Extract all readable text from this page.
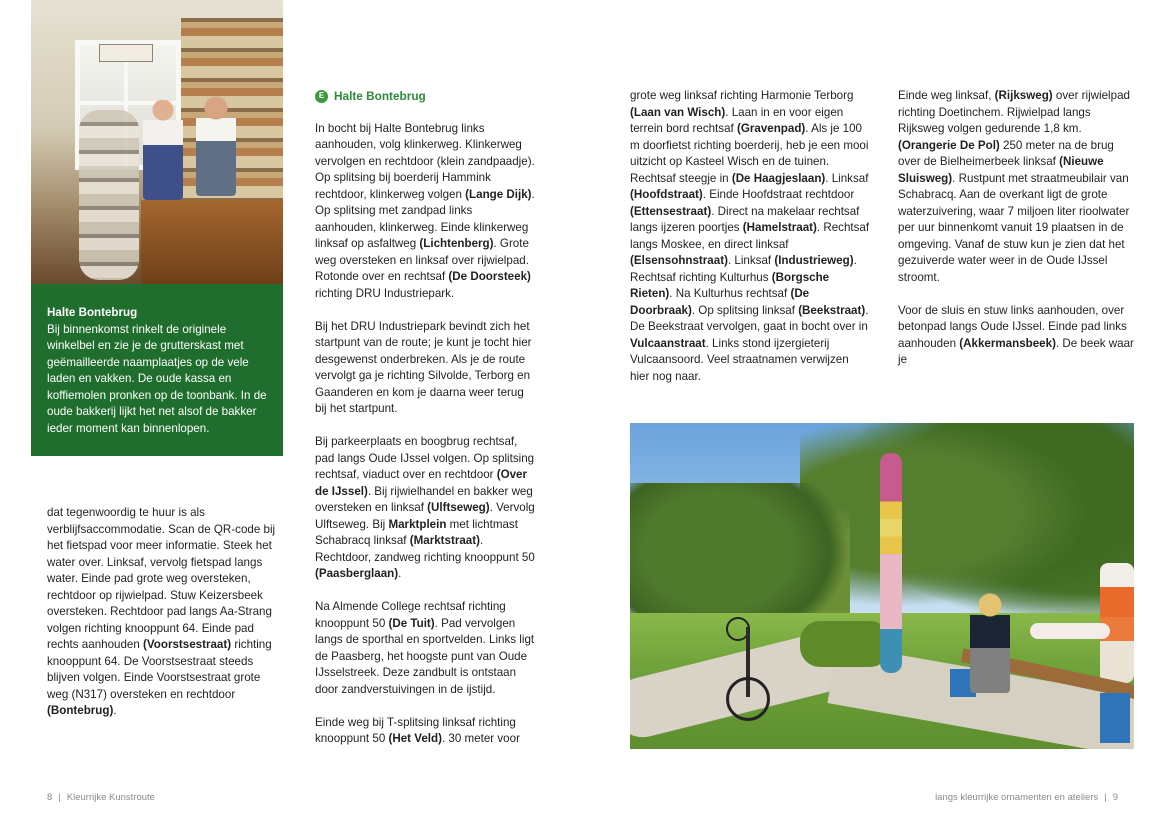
Halte Bontebrug
Bij binnenkomst rinkelt de originele winkelbel en zie je de grutterskast met geëmailleerde naamplaatjes op de vele laden en vakken. De oude kassa en koffiemolen pronken op de toonbank. In de oude bakkerij lijkt het net alsof de bakker ieder moment kan binnenlopen.

dat tegenwoordig te huur is als verblijfsaccommodatie. Scan de QR-code bij het fietspad voor meer informatie. Steek het water over. Linksaf, vervolg fietspad langs water. Einde pad grote weg oversteken, rechtdoor op rijwielpad. Stuw Keizersbeek oversteken. Rechtdoor pad langs Aa-Strang volgen richting knooppunt 64. Einde pad rechts aanhouden (Voorstsestraat) richting knooppunt 64. De Voorstsestraat steeds blijven volgen. Einde Voorstsestraat grote weg (N317) oversteken en rechtdoor (Bontebrug).

E Halte Bontebrug

In bocht bij Halte Bontebrug links aanhouden, volg klinkerweg. Klinkerweg vervolgen en rechtdoor (klein zandpaadje). Op splitsing bij boerderij Hammink rechtdoor, klinkerweg volgen (Lange Dijk). Op splitsing met zandpad links aanhouden, klinkerweg. Einde klinkerweg linksaf op asfaltweg (Lichtenberg). Grote weg oversteken en linksaf over rijwielpad. Rotonde over en rechtsaf (De Doorsteek) richting DRU Industriepark.

Bij het DRU Industriepark bevindt zich het startpunt van de route; je kunt je tocht hier desgewenst onderbreken. Als je de route vervolgt ga je richting Silvolde, Terborg en Gaanderen en kom je daarna weer terug bij het startpunt.

Bij parkeerplaats en boogbrug rechtsaf, pad langs Oude IJssel volgen. Op splitsing rechtsaf, viaduct over en rechtdoor (Over de IJssel). Bij rijwielhandel en bakker weg oversteken en linksaf (Ulftseweg). Vervolg Ulftseweg. Bij Marktplein met lichtmast Schabracq linksaf (Marktstraat). Rechtdoor, zandweg richting knooppunt 50 (Paasberglaan).

Na Almende College rechtsaf richting knooppunt 50 (De Tuit). Pad vervolgen langs de sporthal en sportvelden. Links ligt de Paasberg, het hoogste punt van Oude IJsselstreek. Deze zandbult is ontstaan door zandverstuivingen in de ijstijd.

Einde weg bij T-splitsing linksaf richting knooppunt 50 (Het Veld). 30 meter voor

8 | Kleurrijke Kunstroute

grote weg linksaf richting Harmonie Terborg (Laan van Wisch). Laan in en voor eigen terrein bord rechtsaf (Gravenpad). Als je 100 m doorfietst richting boerderij, heb je een mooi uitzicht op Kasteel Wisch en de tuinen. Rechtsaf steegje in (De Haagjeslaan). Linksaf (Hoofdstraat). Einde Hoofdstraat rechtdoor (Ettensestraat). Direct na makelaar rechtsaf langs ijzeren poortjes (Hamelstraat). Rechtsaf langs Moskee, en direct linksaf (Elsensohnstraat). Linksaf (Industrieweg). Rechtsaf richting Kulturhus (Borgsche Rieten). Na Kulturhus rechtsaf (De Doorbraak). Op splitsing linksaf (Beekstraat). De Beekstraat vervolgen, gaat in bocht over in Vulcaanstraat. Links stond ijzergieterij Vulcaansoord. Veel straatnamen verwijzen hier nog naar.

Einde weg linksaf, (Rijksweg) over rijwielpad richting Doetinchem. Rijwielpad langs Rijksweg volgen gedurende 1,8 km. (Orangerie De Pol) 250 meter na de brug over de Bielheimerbeek linksaf (Nieuwe Sluisweg). Rustpunt met straatmeubilair van Schabracq. Aan de overkant ligt de grote waterzuivering, waar 7 miljoen liter rioolwater per uur binnenkomt vanuit 19 plaatsen in de omgeving. Vanaf de stuw kun je zien dat het gezuiverde water weer in de Oude IJssel stroomt.

Voor de sluis en stuw links aanhouden, over betonpad langs Oude IJssel. Einde pad links aanhouden (Akkermansbeek). De beek waar je

langs kleurrijke ornamenten en ateliers | 9
